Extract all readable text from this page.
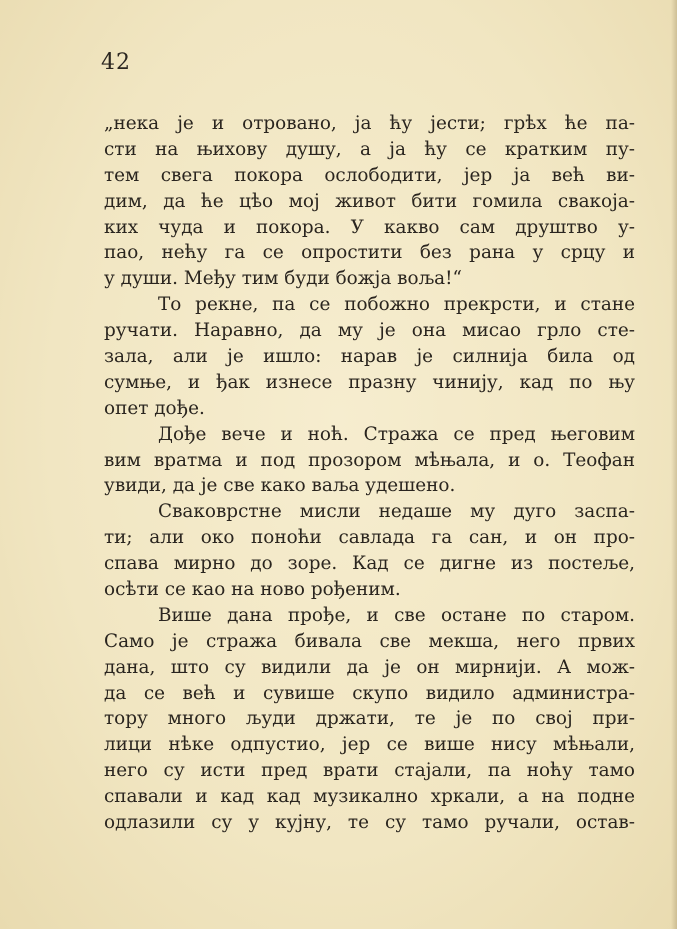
42
„нека је и отровано, ја ћу јести; грѣх ће па-
сти на њихову душу, а ја ћу се кратким пу-
тем свега покора ослободити, јер ја већ ви-
дим, да ће цѣо мој живот бити гомила свакоја-
ких чуда и покора. У какво сам друштво у-
пао, нећу га се опростити без рана у срцу и
у души. Међу тим буди божја воља!“
То рекне, па се побожно прекрсти, и стане
ручати. Наравно, да му је она мисао грло сте-
зала, али је ишло: нарав је силнија била од
сумње, и ђак изнесе празну чинију, кад по њу
опет дође.
Дође вече и ноћ. Стража се пред његовим
вим вратма и под прозором мѣњала, и о. Теофан
увиди, да је све како ваља удешено.
Сваковрстне мисли недаше му дуго заспа-
ти; али око поноћи савлада га сан, и он про-
спава мирно до зоре. Кад се дигне из постеље,
осѣти се као на ново рођеним.
Више дана прође, и све остане по старом.
Само је стража бивала све мекша, него првих
дана, што су видили да је он мирнији. А мож-
да се већ и сувише скупо видило администра-
тору много људи држати, те је по свој при-
лици нѣке одпустио, јер се више нису мѣњали,
него су исти пред врати стајали, па ноћу тамо
спавали и кад кад музикално хркали, а на подне
одлазили су у кујну, те су тамо ручали, остав-
